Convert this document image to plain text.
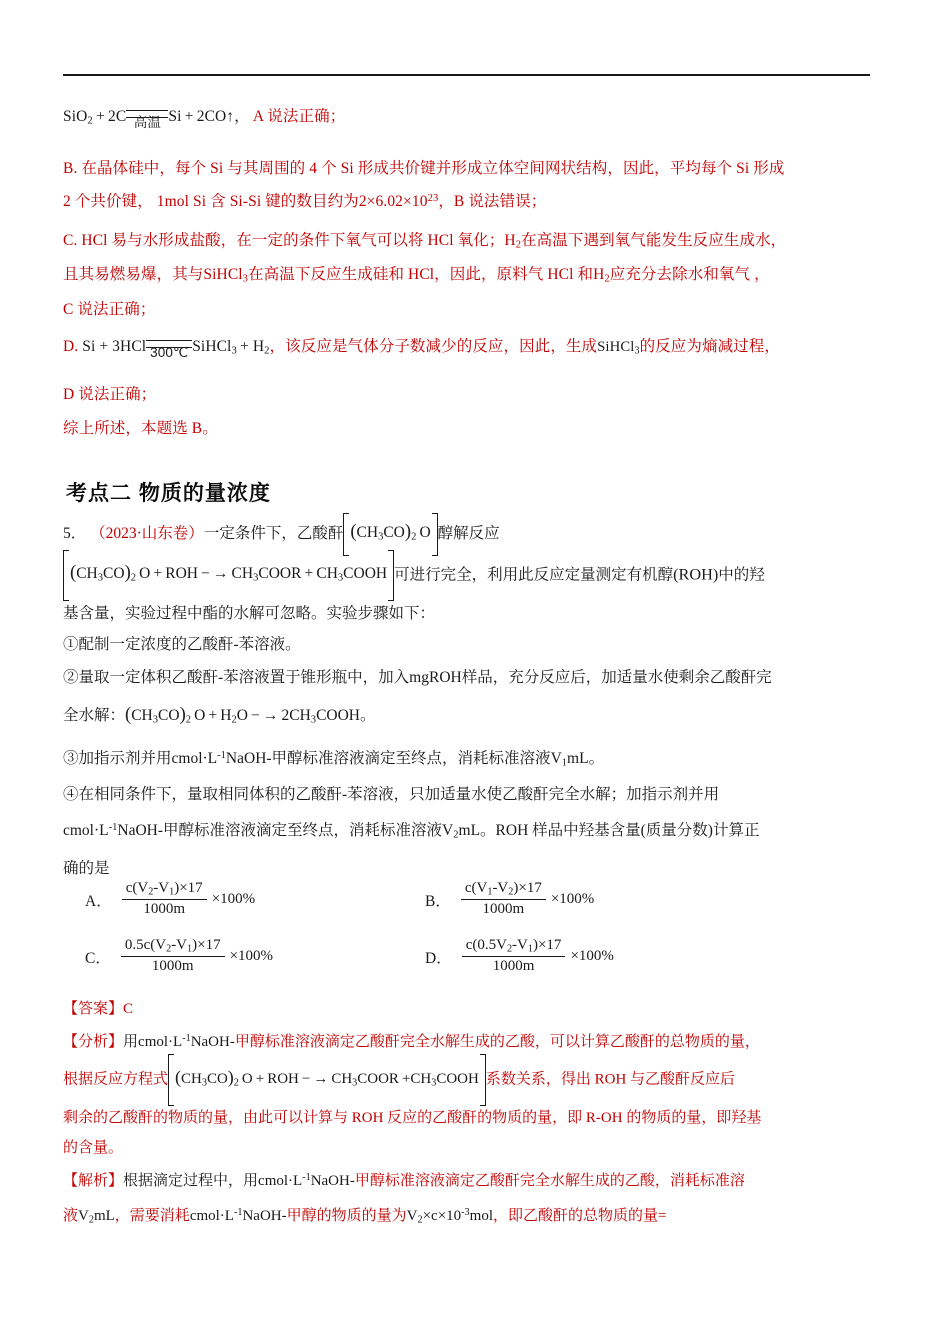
SiO$_2$ + 2C 高温 Si + 2CO↑， A 说法正确；

B. 在晶体硅中，每个 Si 与其周围的 4 个 Si 形成共价键并形成立体空间网状结构，因此，平均每个 Si 形成

2 个共价键， 1mol Si 含 Si-Si 键的数目约为$2\times 6.02\times 10^{23}$，B 说法错误；

C. HCl 易与水形成盐酸，在一定的条件下氧气可以将 HCl 氧化；$H_2$在高温下遇到氧气能发生反应生成水，

且其易燃易爆，其与SiHCl$_3$在高温下反应生成硅和 HCl，因此，原料气 HCl 和$H_2$应充分去除水和氧气 ，

C 说法正确；

D. Si + 3HCl 300℃ SiHCl$_3$  + $H_2$，该反应是气体分子数减少的反应，因此，生成SiHCl$_3$的反应为熵减过程，

D 说法正确；

综上所述，本题选 B。

考点二 物质的量浓度

5． （2023·山东卷）一定条件下，乙酸酐 $(CH_3CO)_2$ O 醇解反应

$(CH_3CO)_2$ O + ROH − → $CH_3COOR$ + $CH_3COOH$ 可进行完全，利用此反应定量测定有机醇(ROH)中的羟

基含量，实验过程中酯的水解可忽略。实验步骤如下：

①配制一定浓度的乙酸酐-苯溶液。

②量取一定体积乙酸酐-苯溶液置于锥形瓶中，加入mgROH样品，充分反应后，加适量水使剩余乙酸酐完

全水解：$(CH_3CO)_2$ $O + H_2O$ − → $2CH_3COOH$。

③加指示剂并用$cmol\cdot L^{-1}NaOH-$甲醇标准溶液滴定至终点，消耗标准溶液$V_1mL$。

④在相同条件下，量取相同体积的乙酸酐-苯溶液，只加适量水使乙酸酐完全水解；加指示剂并用

$cmol\cdot L^{-1}NaOH-$甲醇标准溶液滴定至终点，消耗标准溶液$V_2mL$。ROH 样品中羟基含量(质量分数)计算正

确的是

A． $\frac{c(V_2-V_1)\times 17}{1000m} \times 100\%$	B． $\frac{c(V_1-V_2)\times 17}{1000m} \times 100\%$
C． $\frac{0.5c(V_2-V_1)\times 17}{1000m} \times 100\%$	D． $\frac{c(0.5V_2-V_1)\times 17}{1000m} \times 100\%$

【答案】C

【分析】用$cmol\cdot L^{-1}NaOH-$甲醇标准溶液滴定乙酸酐完全水解生成的乙酸，可以计算乙酸酐的总物质的量，

根据反应方程式 $(CH_3CO)_2$ O + ROH − → $CH_3COOR$ $+CH_3COOH$ 系数关系，得出 ROH 与乙酸酐反应后

剩余的乙酸酐的物质的量，由此可以计算与 ROH 反应的乙酸酐的物质的量，即 R-OH 的物质的量，即羟基

的含量。

【解析】根据滴定过程中，用$cmol\cdot L^{-1}NaOH-$甲醇标准溶液滴定乙酸酐完全水解生成的乙酸，消耗标准溶

液$V_2mL$，需要消耗$cmol\cdot L^{-1}NaOH-$甲醇的物质的量为$V_2\times c\times 10^{-3}mol$，即乙酸酐的总物质的量=
